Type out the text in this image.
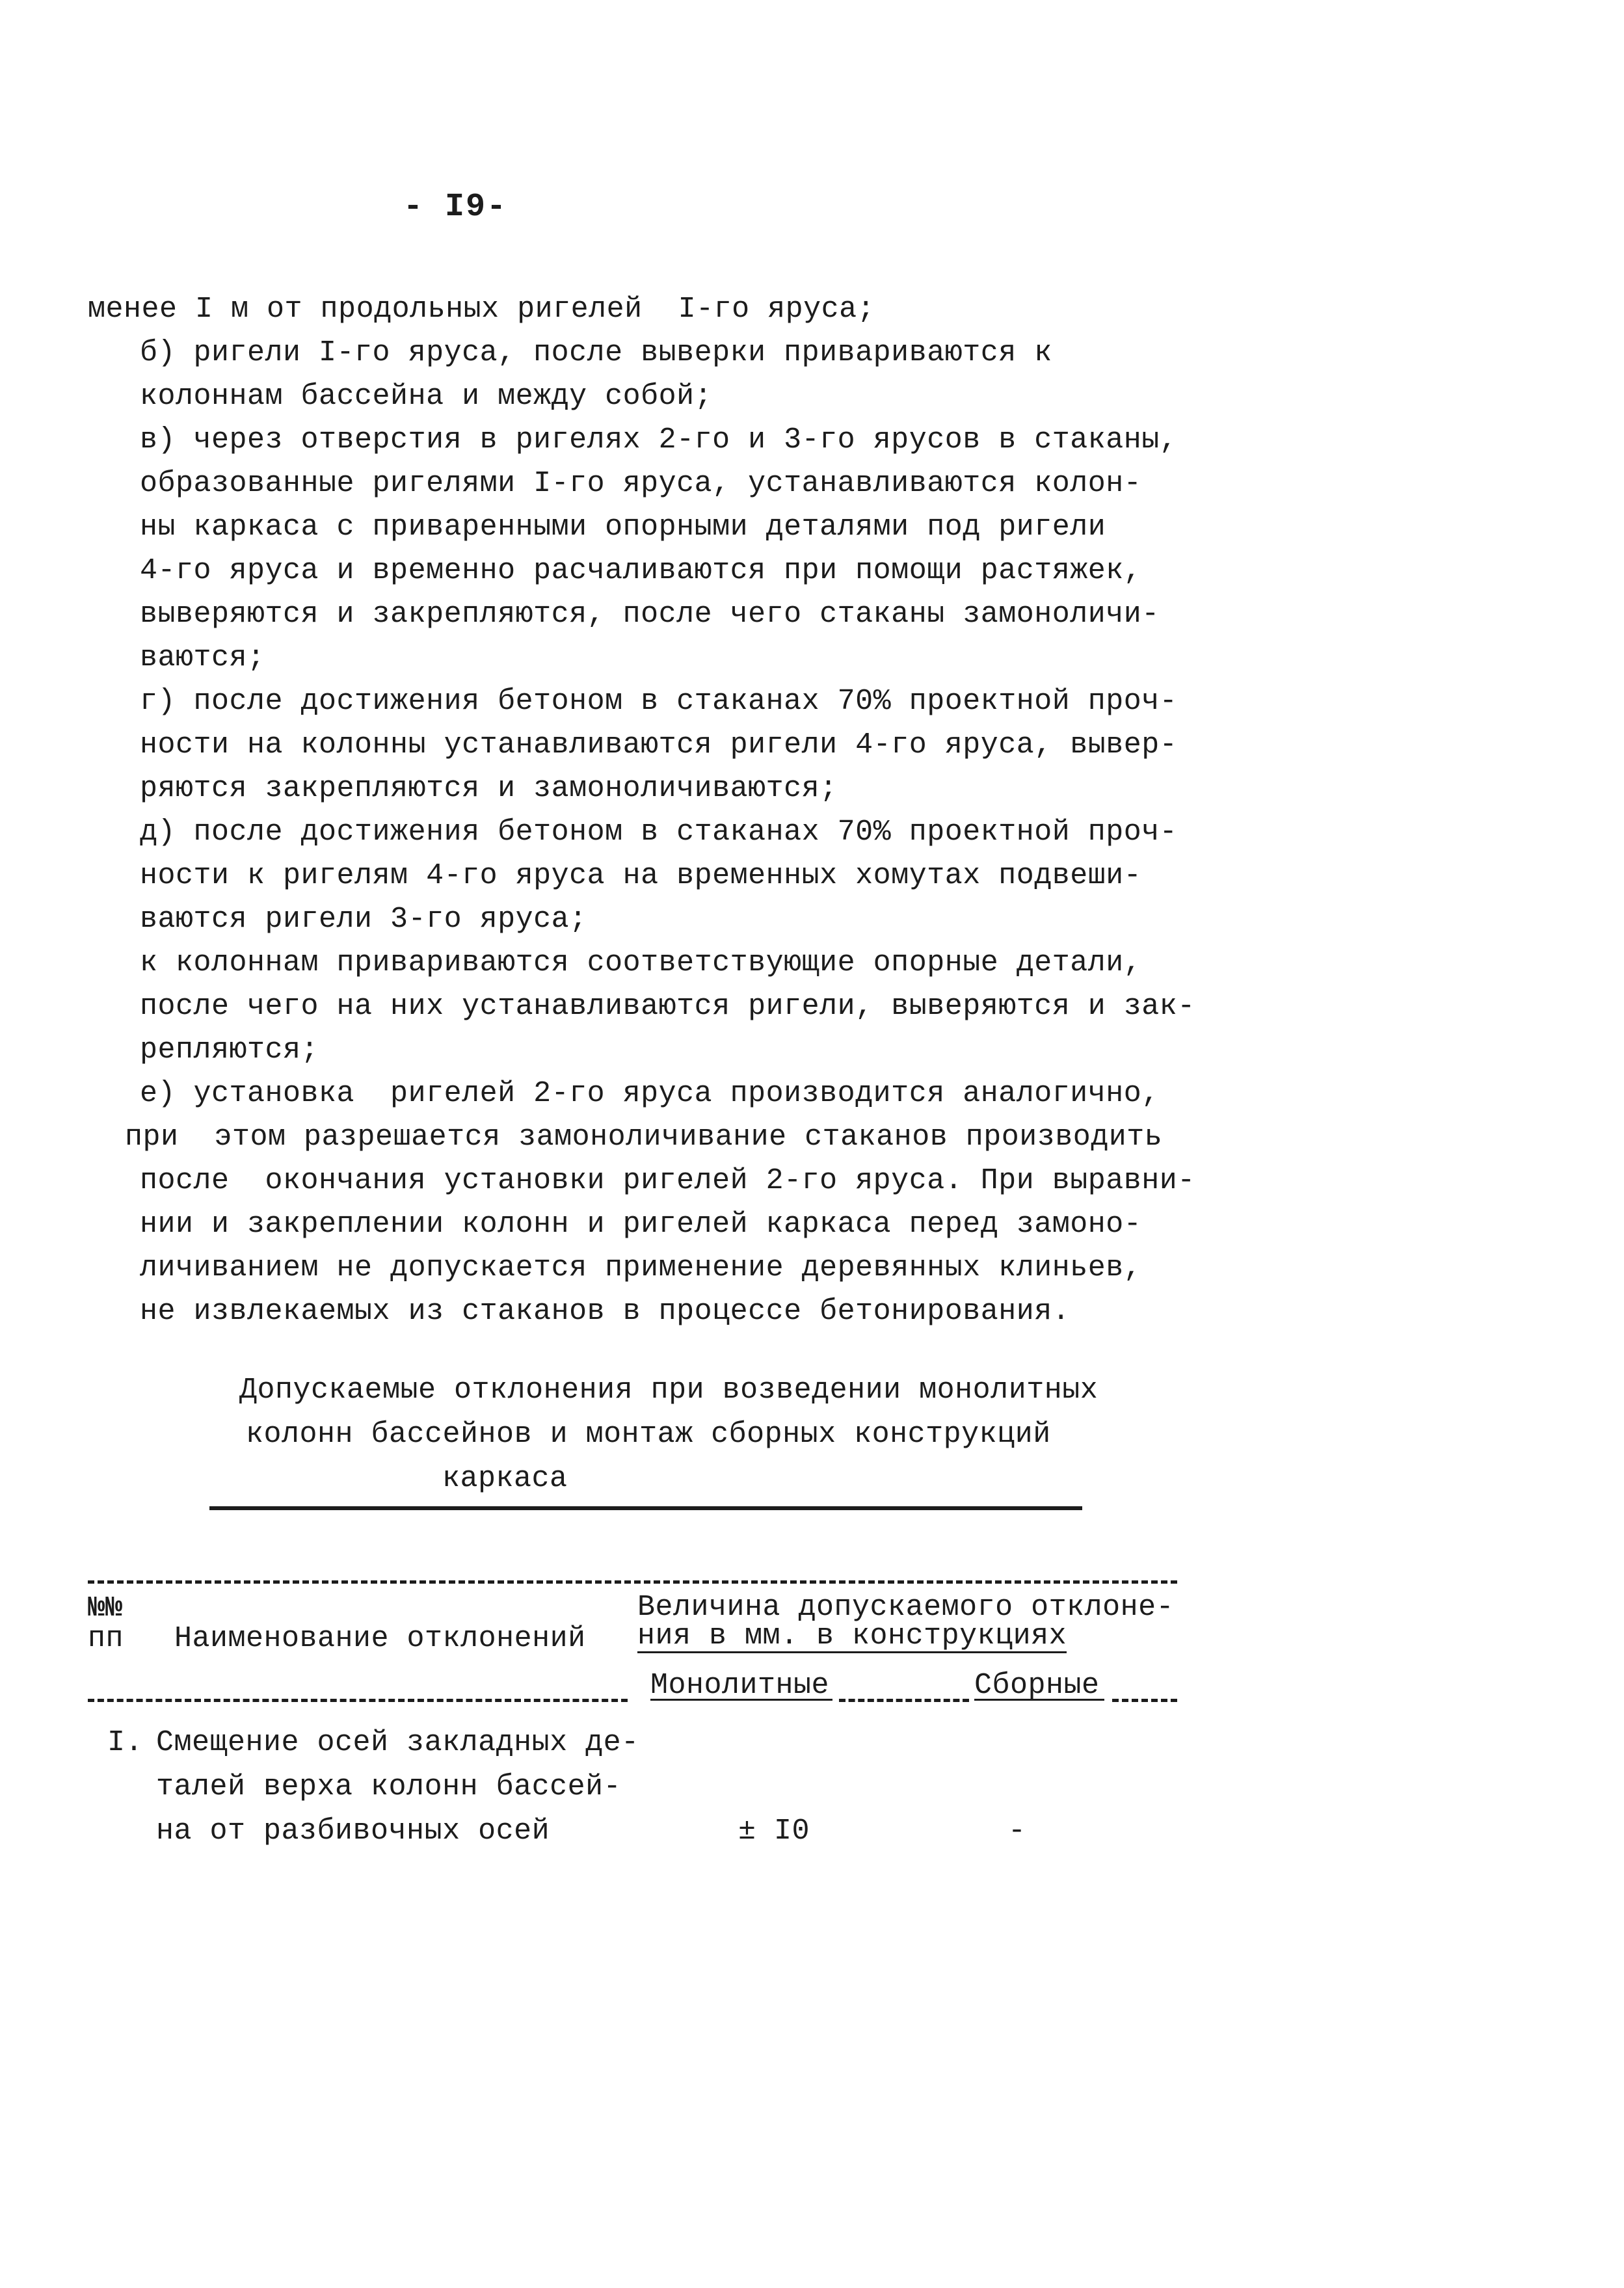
- I9-
менее I м от продольных ригелей  I-го яруса;
б) ригели I-го яруса, после выверки привариваются к
колоннам бассейна и между собой;
в) через отверстия в ригелях 2-го и 3-го ярусов в стаканы,
образованные ригелями I-го яруса, устанавливаются колон-
ны каркаса с приваренными опорными деталями под ригели
4-го яруса и временно расчаливаются при помощи растяжек,
выверяются и закрепляются, после чего стаканы замоноличи-
ваются;
г) после достижения бетоном в стаканах 70% проектной проч-
ности на колонны устанавливаются ригели 4-го яруса, вывер-
ряются закрепляются и замоноличиваются;
д) после достижения бетоном в стаканах 70% проектной проч-
ности к ригелям 4-го яруса на временных хомутах подвеши-
ваются ригели 3-го яруса;
к колоннам привариваются соответствующие опорные детали,
после чего на них устанавливаются ригели, выверяются и зак-
репляются;
е) установка  ригелей 2-го яруса производится аналогично,
при  этом разрешается замоноличивание стаканов производить
после  окончания установки ригелей 2-го яруса. При выравни-
нии и закреплении колонн и ригелей каркаса перед замоно-
личиванием не допускается применение деревянных клиньев,
не извлекаемых из стаканов в процессе бетонирования.
Допускаемые отклонения при возведении монолитных
колонн бассейнов и монтаж сборных конструкций
каркаса
№№
пп Наименование отклонений
Величина допускаемого отклоне-
ния в мм. в конструкциях
Монолитные	Сборные
I. Смещение осей закладных де-
талей верха колонн бассей-
на от разбивочных осей	± I0	-
